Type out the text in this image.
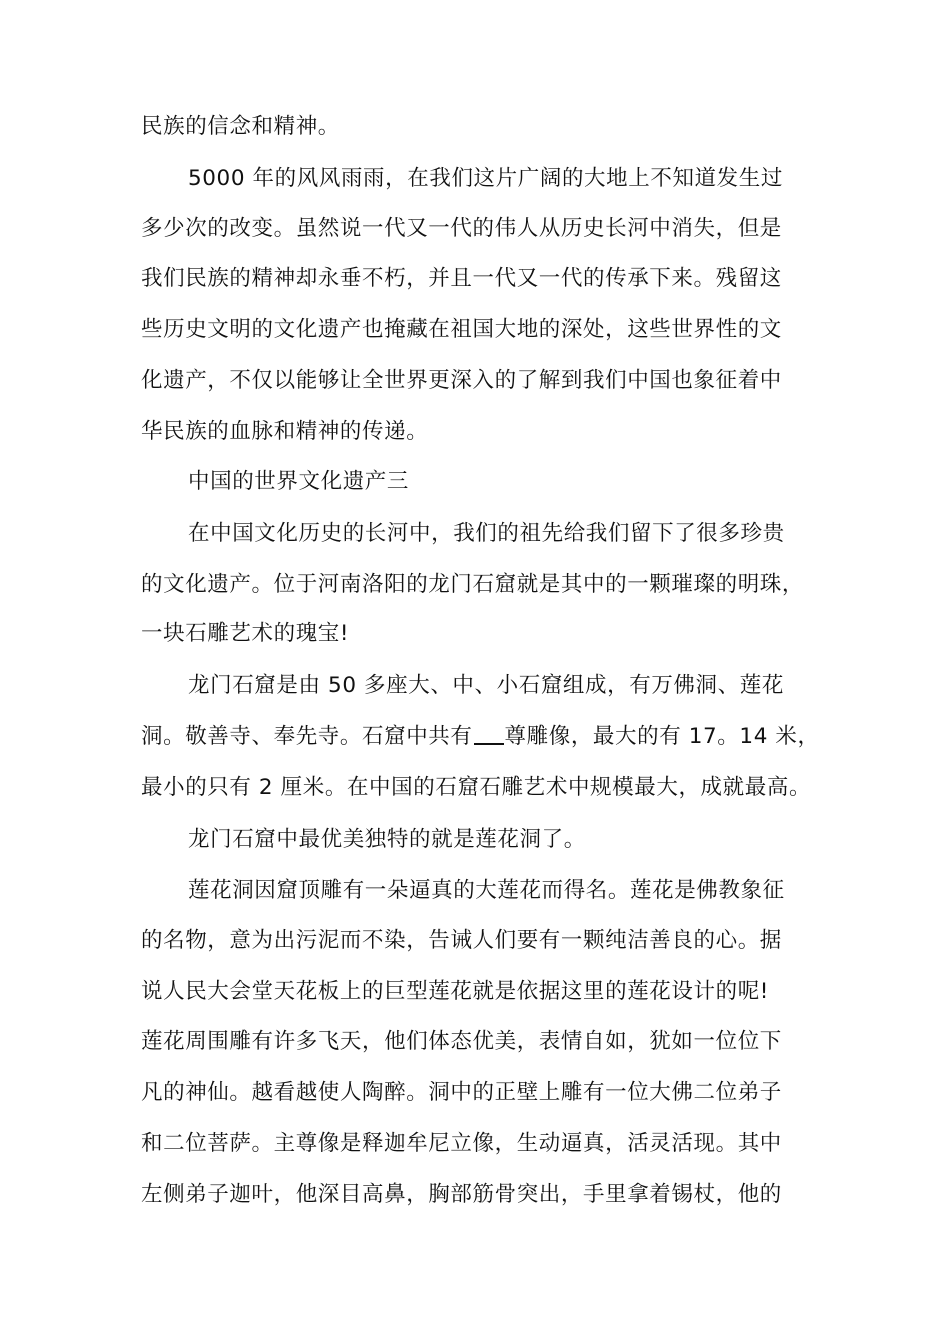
民族的信念和精神。
5000 年的风风雨雨，在我们这片广阔的大地上不知道发生过
多少次的改变。虽然说一代又一代的伟人从历史长河中消失，但是
我们民族的精神却永垂不朽，并且一代又一代的传承下来。残留这
些历史文明的文化遗产也掩藏在祖国大地的深处，这些世界性的文
化遗产，不仅以能够让全世界更深入的了解到我们中国也象征着中
华民族的血脉和精神的传递。
中国的世界文化遗产三
在中国文化历史的长河中，我们的祖先给我们留下了很多珍贵
的文化遗产。位于河南洛阳的龙门石窟就是其中的一颗璀璨的明珠，
一块石雕艺术的瑰宝!
龙门石窟是由 50 多座大、中、小石窟组成，有万佛洞、莲花
洞。敬善寺、奉先寺。石窟中共有 尊雕像，最大的有 17。14 米，
最小的只有 2 厘米。在中国的石窟石雕艺术中规模最大，成就最高。
龙门石窟中最优美独特的就是莲花洞了。
莲花洞因窟顶雕有一朵逼真的大莲花而得名。莲花是佛教象征
的名物，意为出污泥而不染，告诫人们要有一颗纯洁善良的心。据
说人民大会堂天花板上的巨型莲花就是依据这里的莲花设计的呢!
莲花周围雕有许多飞天，他们体态优美，表情自如，犹如一位位下
凡的神仙。越看越使人陶醉。洞中的正壁上雕有一位大佛二位弟子
和二位菩萨。主尊像是释迦牟尼立像，生动逼真，活灵活现。其中
左侧弟子迦叶，他深目高鼻，胸部筋骨突出，手里拿着锡杖，他的
